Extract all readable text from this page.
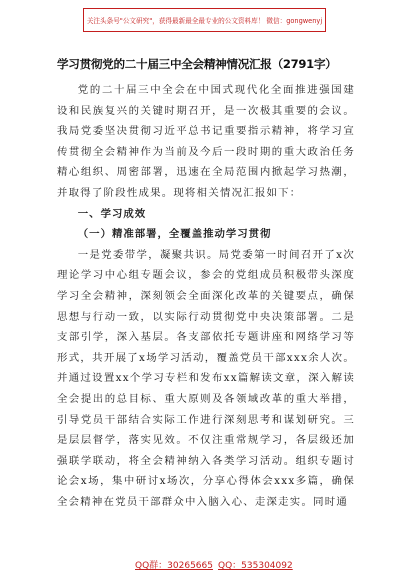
关注头条号"公文研究"，获得最新最全最专业的公文资料库！ 微信：gongwenyj
学习贯彻党的二十届三中全会精神情况汇报（2791字）

党的二十届三中全会在中国式现代化全面推进强国建设和民族复兴的关键时期召开，是一次极其重要的会议。我局党委坚决贯彻习近平总书记重要指示精神，将学习宣传贯彻全会精神作为当前及今后一段时期的重大政治任务精心组织、周密部署，迅速在全局范围内掀起学习热潮，并取得了阶段性成果。现将相关情况汇报如下：

一、学习成效
（一）精准部署，全覆盖推动学习贯彻

一是党委带学，凝聚共识。局党委第一时间召开了x次理论学习中心组专题会议，参会的党组成员积极带头深度学习全会精神，深刻领会全面深化改革的关键要点，确保思想与行动一致，以实际行动贯彻党中央决策部署。二是支部引学，深入基层。各支部依托专题讲座和网络学习等形式，共开展了x场学习活动，覆盖党员干部xxx余人次。并通过设置xx个学习专栏和发布xx篇解读文章，深入解读全会提出的总目标、重大原则及各领域改革的重大举措，引导党员干部结合实际工作进行深刻思考和谋划研究。三是层层督学，落实见效。不仅注重常规学习，各层级还加强联学联动，将全会精神纳入各类学习活动。组织专题讨论会x场，集中研讨x场次，分享心得体会xxx多篇，确保全会精神在党员干部群众中入脑入心、走深走实。同时通

QQ群：30265665 QQ：535304092
